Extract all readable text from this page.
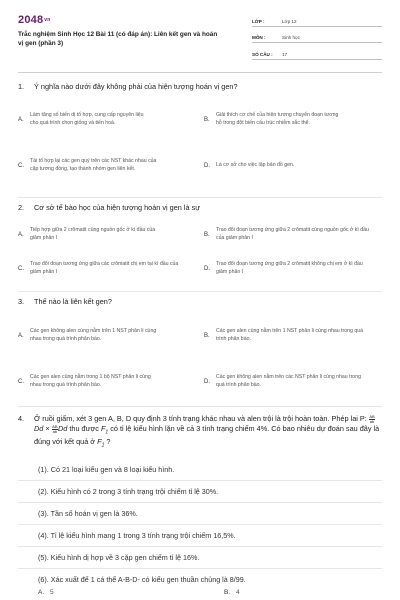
2048vn
Trắc nghiệm Sinh Học 12 Bài 11 (có đáp án): Liên kết gen và hoán vị gen (phần 3)
LỚP :	Lớp 12
MÔN :	Sinh học
SỐ CÂU :	17
1.	Ý nghĩa nào dưới đây không phải của hiện tượng hoán vị gen?
A.
Làm tăng số biến dị tổ hợp, cung cấp nguyên liệu cho quá trình chọn giống và tiến hoá.	B.
Giải thích cơ chế của hiện tượng chuyển đoạn tương hỗ trong đột biến cấu trúc nhiễm sắc thể.
C.
Tái tổ hợp lại các gen quý trên các NST khác nhau của cặp tương đồng, tạo thành nhóm gen liên kết.	D.	Là cơ sở cho việc lập bản đồ gen.
2.	Cơ sở tế bào học của hiện tượng hoán vị gen là sự
A.
Tiếp hợp giữa 2 crômatit cùng nguồn gốc ở kì đầu của giảm phân I	B.
Trao đổi đoạn tương ứng giữa 2 crômatit cùng nguồn gốc ở kì đầu của giảm phân I
C.
Trao đổi đoạn tương ứng giữa các crômatit chị em tại kì đầu của giảm phân I	D.
Trao đổi đoạn tương ứng giữa 2 crômatit không chị em ở kì đầu giảm phân I
3.	Thế nào là liên kết gen?
A.
Các gen không alen cùng nằm trên 1 NST phân li cùng nhau trong quá trình phân bào.	B.
Các gen alen cùng nằm trên 1 NST phân li cùng nhau trong quá trình phân bào.
C.
Các gen alen cùng nằm trong 1 bộ NST phân li cùng nhau trong quá trình phân bào.	D.
Các gen không alen nằm trên các NST phân li cùng nhau trong quá trình phân bào.
4.	Ở ruồi giấm, xét 3 gen A, B, D quy định 3 tính trạng khác nhau và alen trội là trội hoàn toàn. Phép lai P: $\frac{AB}{ab}$
$Dd \times \frac{AB}{ab}$ Dd thu được $F_1$ có tỉ lệ kiểu hình lặn về cả 3 tính trạng chiếm 4%. Có bao nhiêu dự đoán sau đây là đúng với kết quả ở $F_1$ ?
(1). Có 21 loại kiểu gen và 8 loại kiểu hình.
(2). Kiểu hình có 2 trong 3 tính trạng trội chiếm tỉ lệ 30%.
(3). Tần số hoán vị gen là 36%.
(4). Tỉ lệ kiểu hình mang 1 trong 3 tính trạng trội chiếm 16,5%.
(5). Kiểu hình dị hợp về 3 cặp gen chiếm tỉ lệ 16%.
(6). Xác xuất để 1 cá thể A-B-D- có kiểu gen thuần chủng là 8/99.
A. 5	B. 4
